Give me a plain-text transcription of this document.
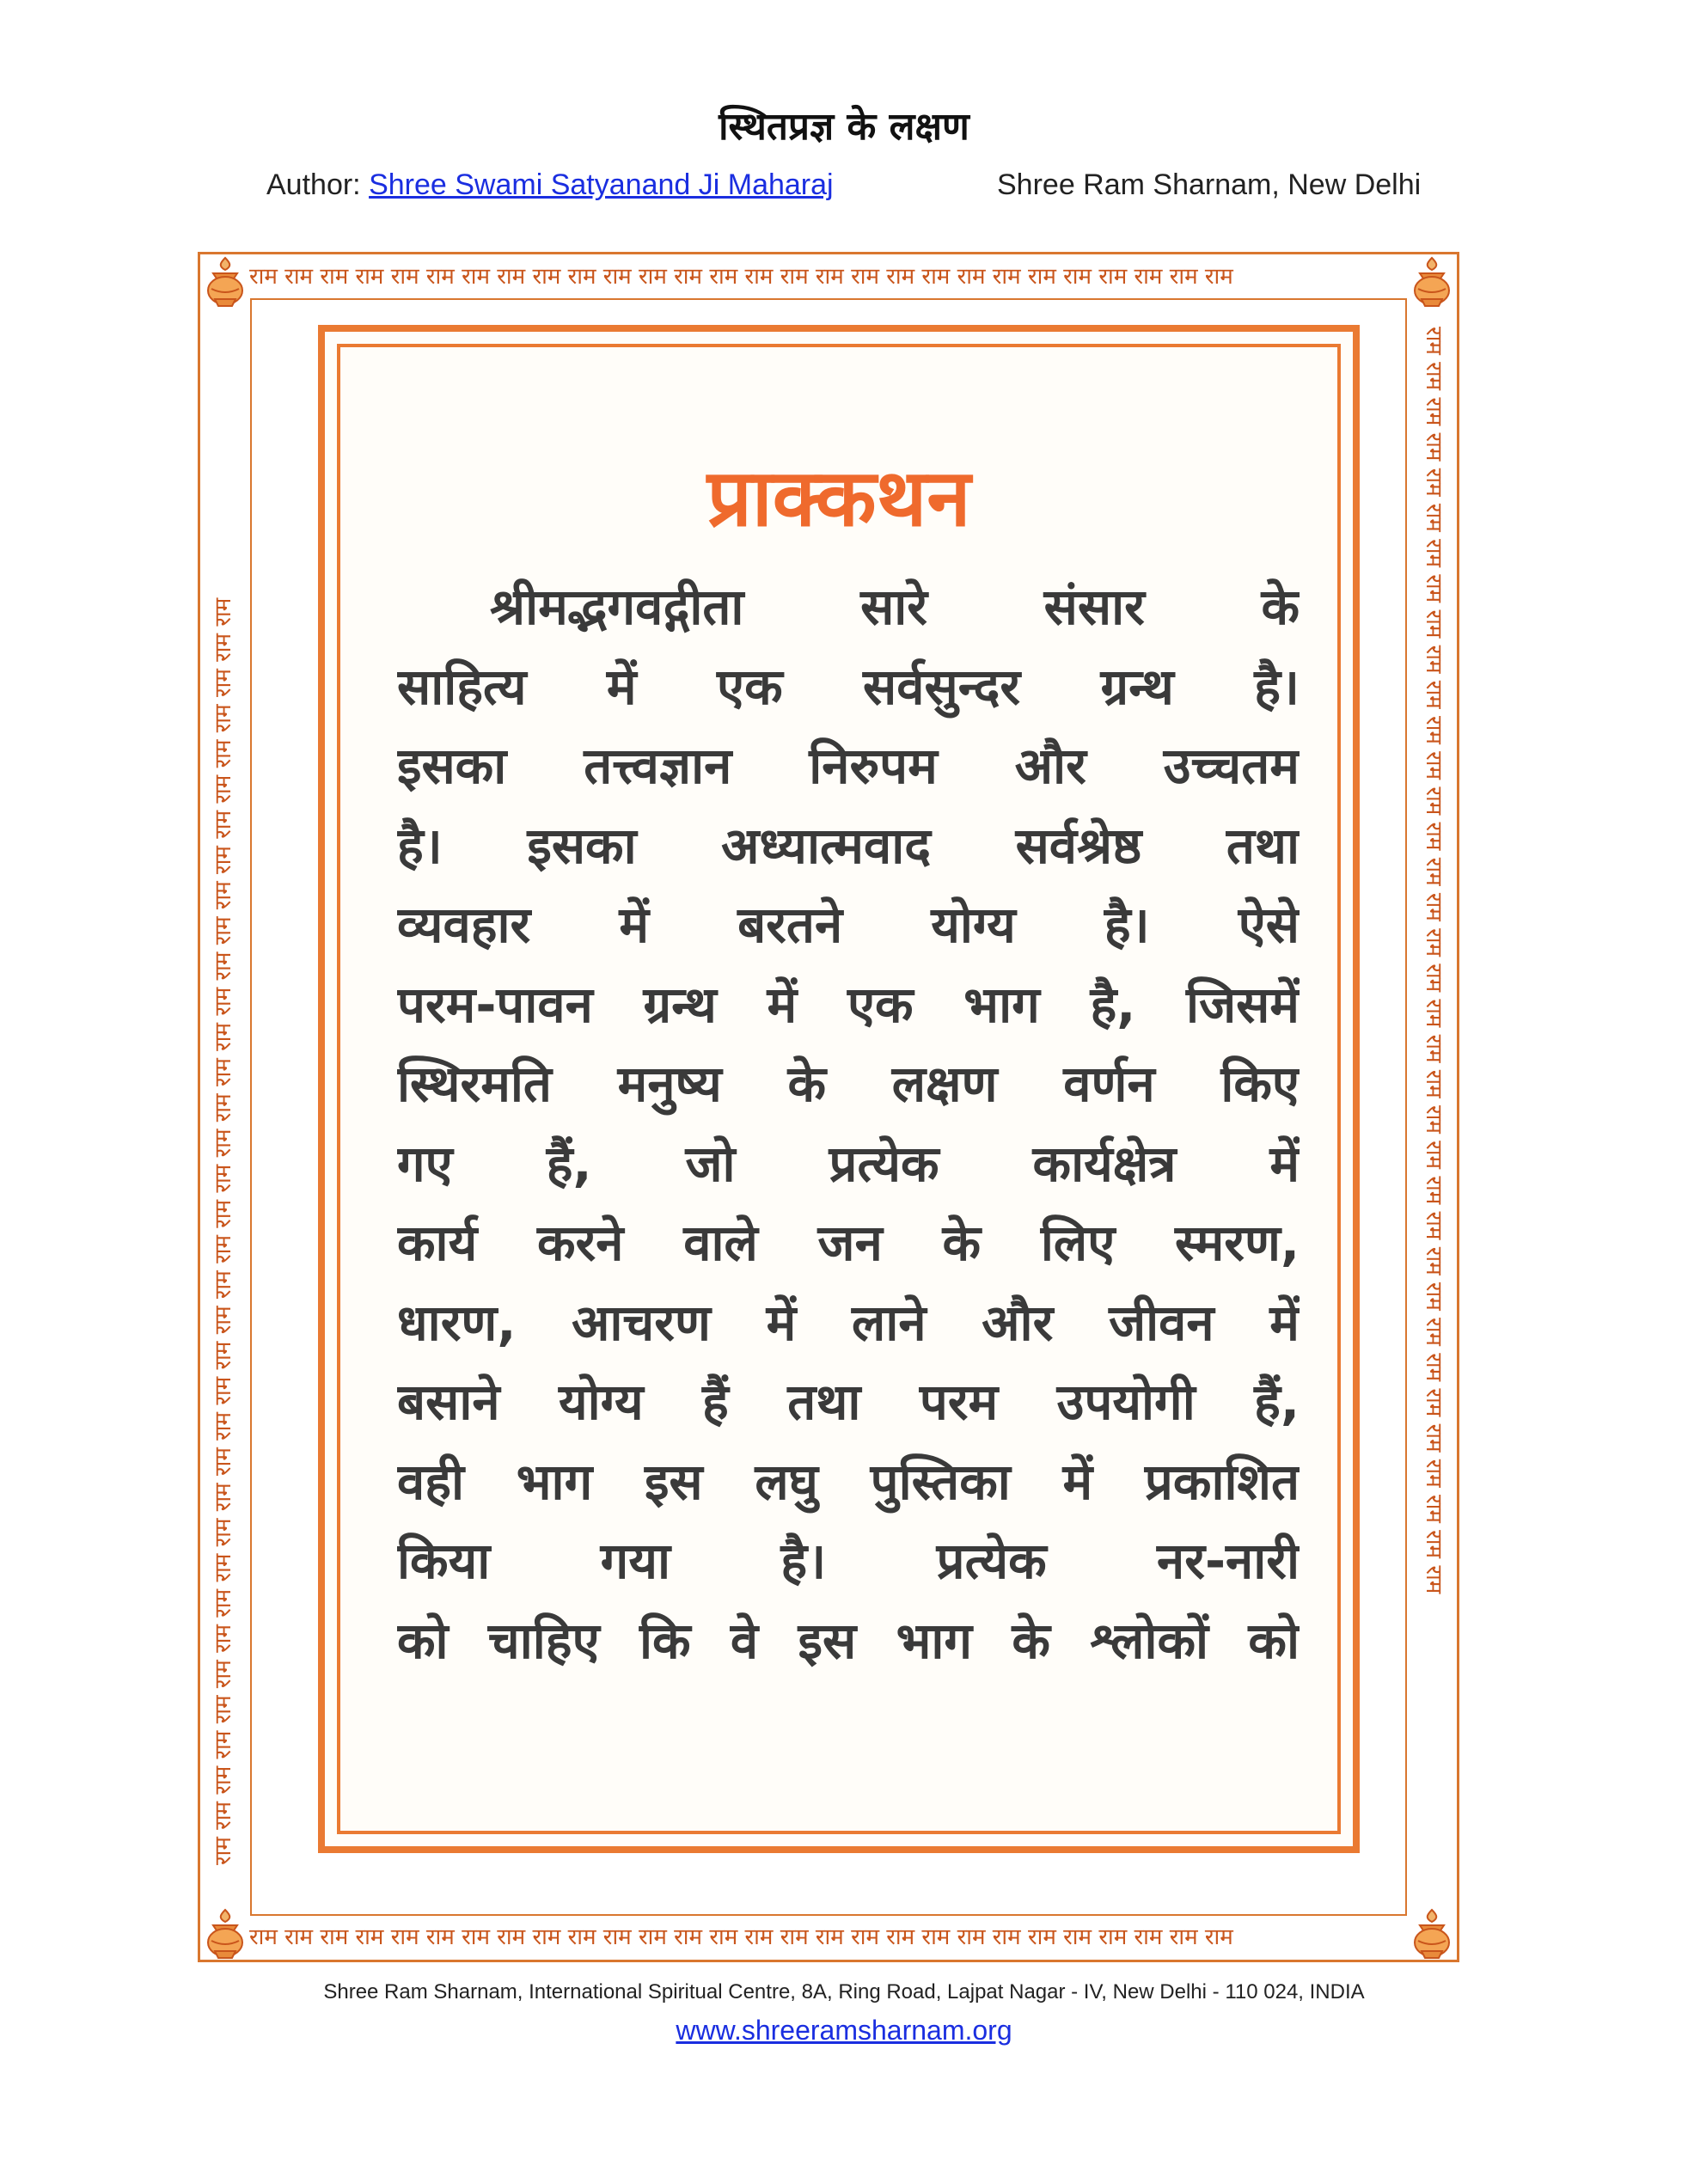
स्थितप्रज्ञ के लक्षण
Author: Shree Swami Satyanand Ji Maharaj	Shree Ram Sharnam, New Delhi
राम राम राम राम राम राम राम राम राम राम राम राम राम राम राम राम राम राम राम राम राम राम राम राम राम राम राम राम
राम राम राम राम राम राम राम राम राम राम राम राम राम राम राम राम राम राम राम राम राम राम राम राम राम राम राम राम
राम राम राम राम राम राम राम राम राम राम राम राम राम राम राम राम राम राम राम राम राम राम राम राम राम राम राम राम राम राम राम राम राम राम राम राम	राम राम राम राम राम राम राम राम राम राम राम राम राम राम राम राम राम राम राम राम राम राम राम राम राम राम राम राम राम राम राम राम राम राम राम राम
प्राक्कथन
श्रीमद्भगवद्गीता सारे संसार के
साहित्य में एक सर्वसुन्दर ग्रन्थ है।
इसका तत्त्वज्ञान निरुपम और उच्चतम
है। इसका अध्यात्मवाद सर्वश्रेष्ठ तथा
व्यवहार में बरतने योग्य है। ऐसे
परम-पावन ग्रन्थ में एक भाग है, जिसमें
स्थिरमति मनुष्य के लक्षण वर्णन किए
गए हैं, जो प्रत्येक कार्यक्षेत्र में
कार्य करने वाले जन के लिए स्मरण,
धारण, आचरण में लाने और जीवन में
बसाने योग्य हैं तथा परम उपयोगी हैं,
वही भाग इस लघु पुस्तिका में प्रकाशित
किया गया है। प्रत्येक नर-नारी
को चाहिए कि वे इस भाग के श्लोकों को
Shree Ram Sharnam, International Spiritual Centre, 8A, Ring Road, Lajpat Nagar - IV, New Delhi - 110 024, INDIA
www.shreeramsharnam.org
